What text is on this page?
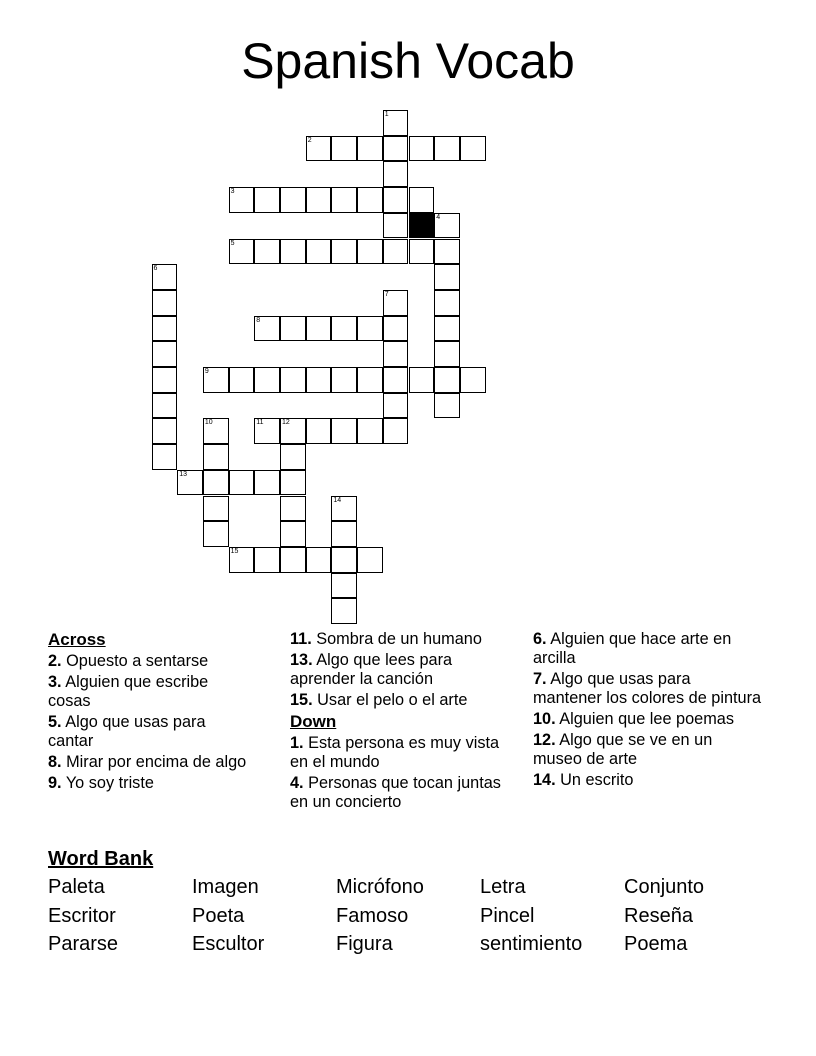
Spanish Vocab
1
2
3
4
5
6
7
8
9
10	11	12
13
14
15
Across
2. Opuesto a sentarse
3. Alguien que escribe cosas
5. Algo que usas para cantar
8. Mirar por encima de algo
9. Yo soy triste
11. Sombra de un humano
13. Algo que lees para aprender la canción
15. Usar el pelo o el arte
Down
1. Esta persona es muy vista en el mundo
4. Personas que tocan juntas en un concierto
6. Alguien que hace arte en arcilla
7. Algo que usas para mantener los colores de pintura
10. Alguien que lee poemas
12. Algo que se ve en un museo de arte
14. Un escrito
Word Bank
Paleta	Imagen	Micrófono	Letra	Conjunto
Escritor	Poeta	Famoso	Pincel	Reseña
Pararse	Escultor	Figura	sentimiento Poema
